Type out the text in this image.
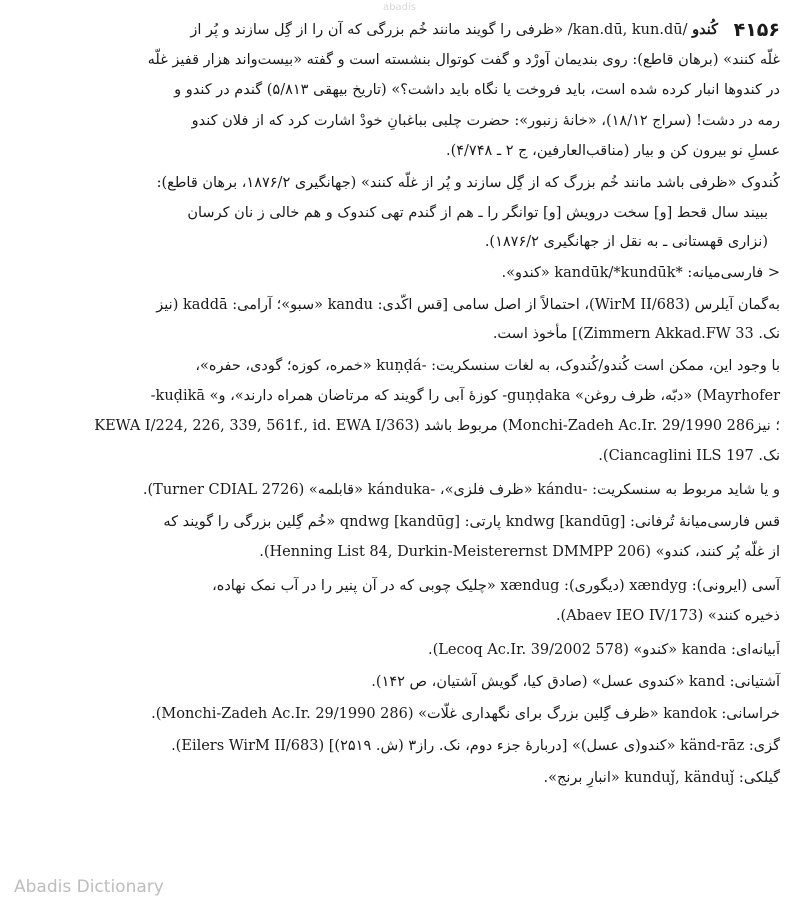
abadis
۴۱۵۶
کُندو /kan.dū, kun.dū/ «ظرفی را گویند مانند خُم بزرگی که آن را از گِل سازند و پُر از
غلّه کنند» (برهان قاطع): روی بندیمان آورْد و گفت کوتوال بنشسته است و گفته «بیست‌واند هزار قفیز غلّه
در کندوها انبار کرده شده است، باید فروخت یا نگاه باید داشت؟» (تاریخ بیهقی ۵/۸۱۳) گندم در کندو و
رمه در دشت! (سراج ۱۸/۱۲)، «خانهٔ زنبور»: حضرت چلبی بباغبانِ خودْ اشارت کرد که از فلان کندو
عسلِ نو بیرون کن و بیار (مناقب‌العارفین، ج ۲ ـ ۴/۷۴۸).
کُندوک «ظرفی باشد مانند خُم بزرگ که از گِل سازند و پُر از غلّه کنند» (جهانگیری ۱۸۷۶/۲، برهان قاطع):
ببیند سال قحط [و] سخت درویش [و] توانگر را ـ هم از گندم تهی کندوک و هم خالی ز نان کرسان
(نزاری قهستانی ـ به نقل از جهانگیری ۱۸۷۶/۲).
< فارسی‌میانه: *kandūk/*kundūk «کندو».
به‌گمان آیلرس (WirM II/683)، احتمالاً از اصل سامی [قس اکّدی: kandu «سبو»؛ آرامی: kaddā (نیز
نک. Zimmern Akkad.FW 33)] مأخوذ است.
با وجود این، ممکن است کُندو/کُندوک، به لغات سنسکریت: -kuṇḍá «خمره، کوزه؛ گودی، حفره»،
-kuḍikā «کوزهٔ آبی را گویند که مرتاضان همراه دارند»، و -guṇḍaka «دبّه، ظرف روغن» (Mayrhofer
KEWA I/224, 226, 339, 561f., id. EWA I/363) مربوط باشد (Monchi-Zadeh Ac.Ir. 29/1990 286؛ نیز
نک. Ciancaglini ILS 197).
و یا شاید مربوط به سنسکریت: -kándu «ظرف فلزی»، -kánduka «قابلمه» (Turner CDIAL 2726).
قس فارسی‌میانهٔ تُرفانی: kndwg [kandūg] پارتی: qndwg [kandūg] «خُم گِلین بزرگی را گویند که
از غلّه پُر کنند، کندو» (Henning List 84, Durkin-Meisterernst DMMPP 206).
آسی (ایرونی): xændyg (دیگوری): xændug «چلیک چوبی که در آن پنیر را در آب نمک نهاده،
ذخیره کنند» (Abaev IEO IV/173).
اَبیانه‌ای: kanda «کندو» (Lecoq Ac.Ir. 39/2002 578).
آشتیانی: kand «کندوی عسل» (صادق کیا، گویش آشتیان، ص ۱۴۲).
خراسانی: kandok «ظرف گِلین بزرگ برای نگهداری غلّات» (Monchi-Zadeh Ac.Ir. 29/1990 286).
گزی: känd-rāz «کندو(ی عسل)» [دربارهٔ جزء دوم، نک. راز۳ (ش. ۲۵۱۹)] (Eilers WirM II/683).
گیلکی: kunduǰ, känduǰ «انبارِ برنج».
Abadis Dictionary
